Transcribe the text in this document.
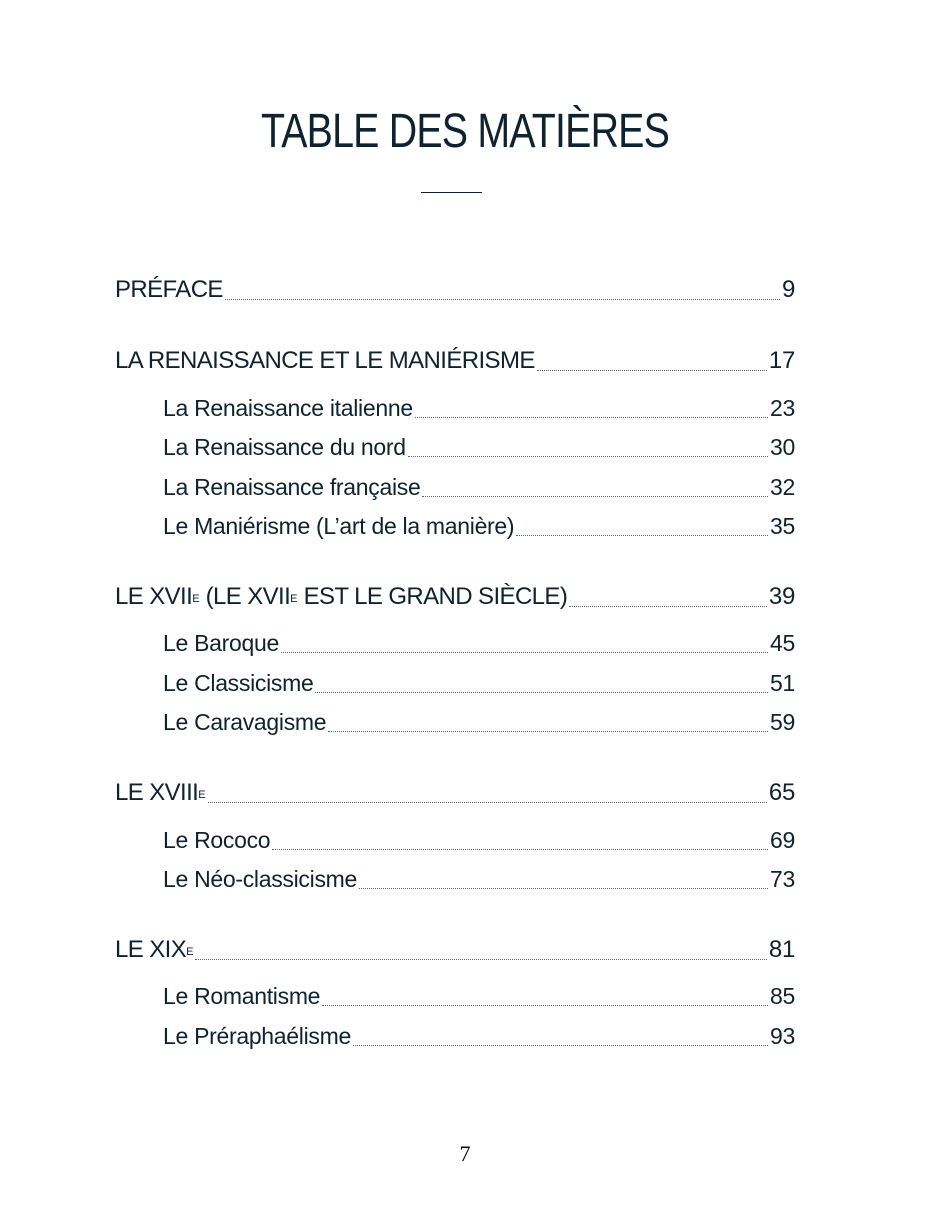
TABLE DES MATIÈRES
PRÉFACE	9
LA RENAISSANCE ET LE MANIÉRISME	17
La Renaissance italienne	23
La Renaissance du nord	30
La Renaissance française	32
Le Maniérisme (L’art de la manière)	35
LE $XVII^E$ (LE $XVII^E$ EST LE GRAND SIÈCLE)	39
Le Baroque	45
Le Classicisme	51
Le Caravagisme	59
LE $XVIII^E$	65
Le Rococo	69
Le Néo-classicisme	73
LE $XIX^E$	81
Le Romantisme	85
Le Préraphaélisme	93
7
